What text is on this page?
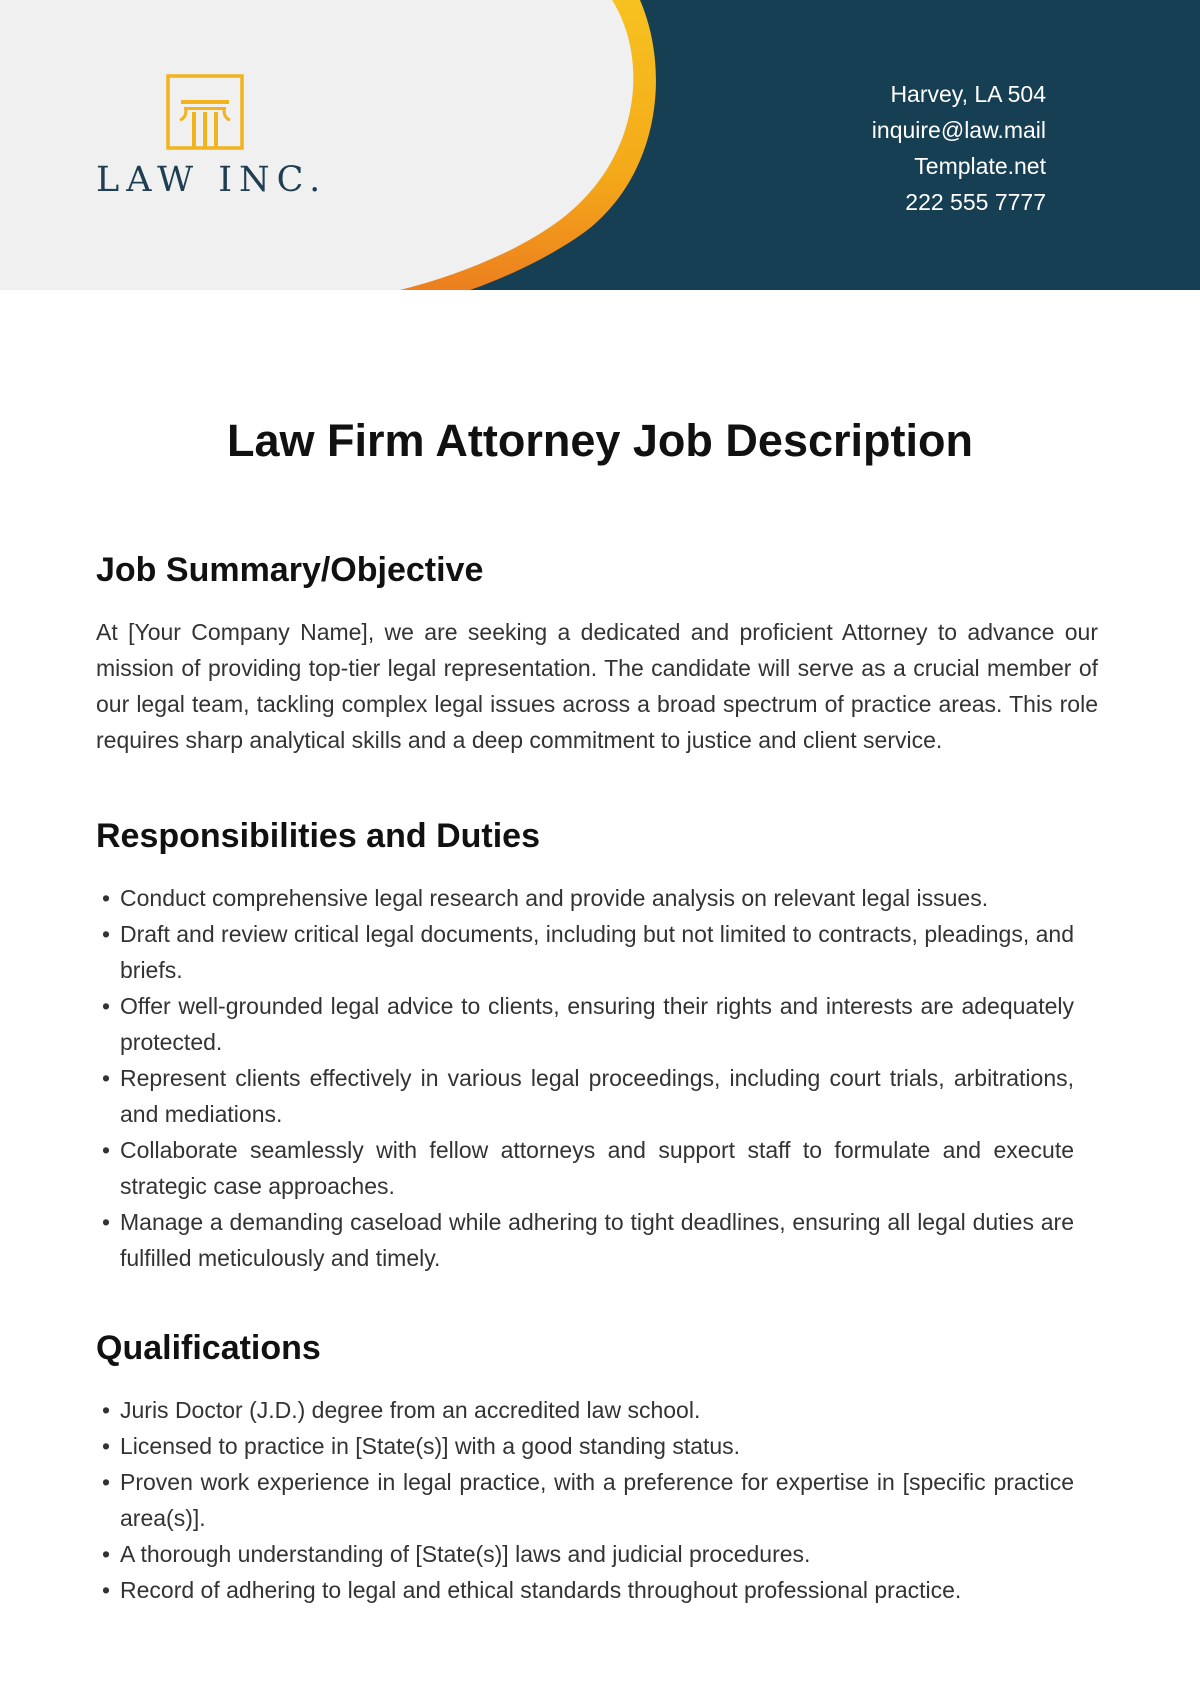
LAW INC.
Harvey, LA 504
inquire@law.mail
Template.net
222 555 7777
Law Firm Attorney Job Description
Job Summary/Objective

At [Your Company Name], we are seeking a dedicated and proficient Attorney to advance our mission of providing top-tier legal representation. The candidate will serve as a crucial member of our legal team, tackling complex legal issues across a broad spectrum of practice areas. This role requires sharp analytical skills and a deep commitment to justice and client service.

Responsibilities and Duties
• Conduct comprehensive legal research and provide analysis on relevant legal issues.
• Draft and review critical legal documents, including but not limited to contracts, pleadings, and briefs.
• Offer well-grounded legal advice to clients, ensuring their rights and interests are adequately protected.
• Represent clients effectively in various legal proceedings, including court trials, arbitrations, and mediations.
• Collaborate seamlessly with fellow attorneys and support staff to formulate and execute strategic case approaches.
• Manage a demanding caseload while adhering to tight deadlines, ensuring all legal duties are fulfilled meticulously and timely.
Qualifications
• Juris Doctor (J.D.) degree from an accredited law school.
• Licensed to practice in [State(s)] with a good standing status.
• Proven work experience in legal practice, with a preference for expertise in [specific practice area(s)].
• A thorough understanding of [State(s)] laws and judicial procedures.
• Record of adhering to legal and ethical standards throughout professional practice.
